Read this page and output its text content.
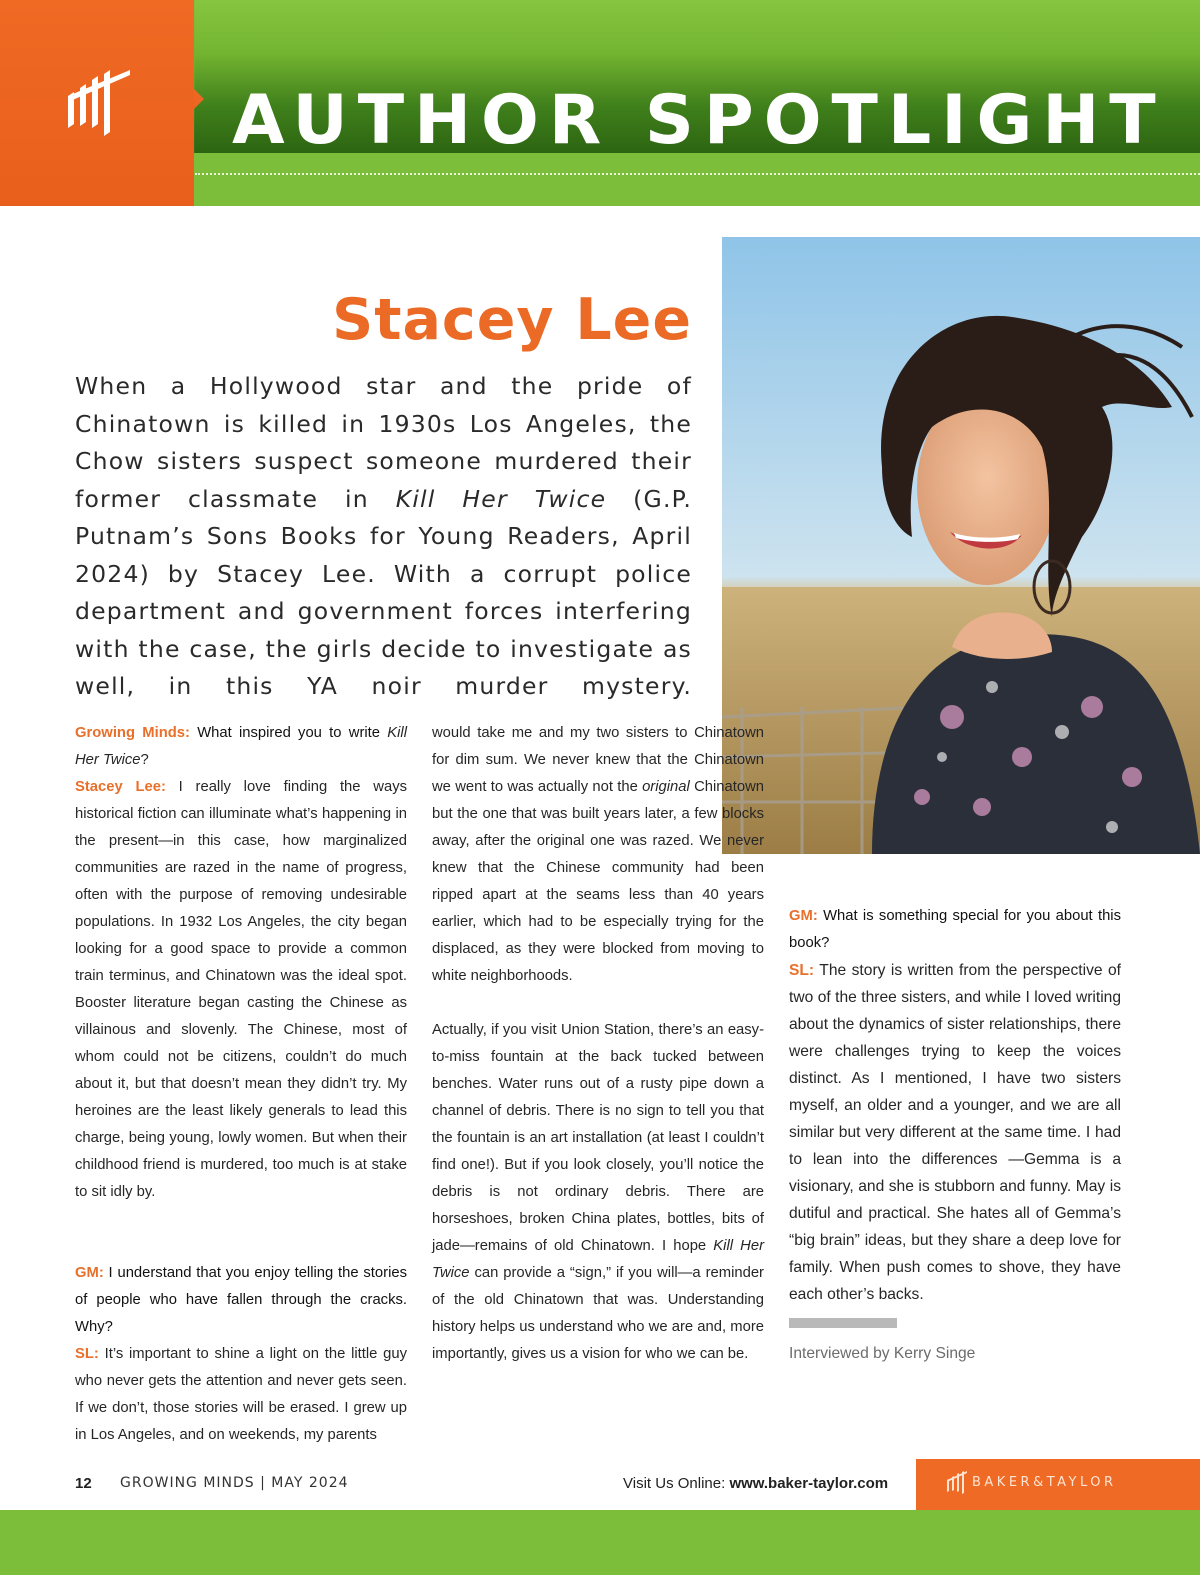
AUTHOR SPOTLIGHT
Stacey Lee

When a Hollywood star and the pride of Chinatown is killed in 1930s Los Angeles, the Chow sisters suspect someone murdered their former classmate in Kill Her Twice (G.P. Putnam’s Sons Books for Young Readers, April 2024) by Stacey Lee. With a corrupt police department and government forces interfering with the case, the girls decide to investigate as well, in this YA noir murder mystery.

Growing Minds: What inspired you to write Kill Her Twice?

Stacey Lee: I really love finding the ways historical fiction can illuminate what’s happening in the present—in this case, how marginalized communities are razed in the name of progress, often with the purpose of removing undesirable populations. In 1932 Los Angeles, the city began looking for a good space to provide a common train terminus, and Chinatown was the ideal spot. Booster literature began casting the Chinese as villainous and slovenly. The Chinese, most of whom could not be citizens, couldn’t do much about it, but that doesn’t mean they didn’t try. My heroines are the least likely generals to lead this charge, being young, lowly women. But when their childhood friend is murdered, too much is at stake to sit idly by.

GM: I understand that you enjoy telling the stories of people who have fallen through the cracks. Why?

SL: It’s important to shine a light on the little guy who never gets the attention and never gets seen. If we don’t, those stories will be erased. I grew up in Los Angeles, and on weekends, my parents

would take me and my two sisters to Chinatown for dim sum. We never knew that the Chinatown we went to was actually not the original Chinatown but the one that was built years later, a few blocks away, after the original one was razed. We never knew that the Chinese community had been ripped apart at the seams less than 40 years earlier, which had to be especially trying for the displaced, as they were blocked from moving to white neighborhoods.

Actually, if you visit Union Station, there’s an easy-to-miss fountain at the back tucked between benches. Water runs out of a rusty pipe down a channel of debris. There is no sign to tell you that the fountain is an art installation (at least I couldn’t find one!). But if you look closely, you’ll notice the debris is not ordinary debris. There are horseshoes, broken China plates, bottles, bits of jade—remains of old Chinatown. I hope Kill Her Twice can provide a “sign,” if you will—a reminder of the old Chinatown that was. Understanding history helps us understand who we are and, more importantly, gives us a vision for who we can be.

GM: What is something special for you about this book?

SL: The story is written from the perspective of two of the three sisters, and while I loved writing about the dynamics of sister relationships, there were challenges trying to keep the voices distinct. As I mentioned, I have two sisters myself, an older and a younger, and we are all similar but very different at the same time. I had to lean into the differences —Gemma is a visionary, and she is stubborn and funny. May is dutiful and practical. She hates all of Gemma’s “big brain” ideas, but they share a deep love for family. When push comes to shove, they have each other’s backs.

Interviewed by Kerry Singe
12 GROWING MINDS | MAY 2024	Visit Us Online: www.baker-taylor.com	BAKER&TAYLOR
